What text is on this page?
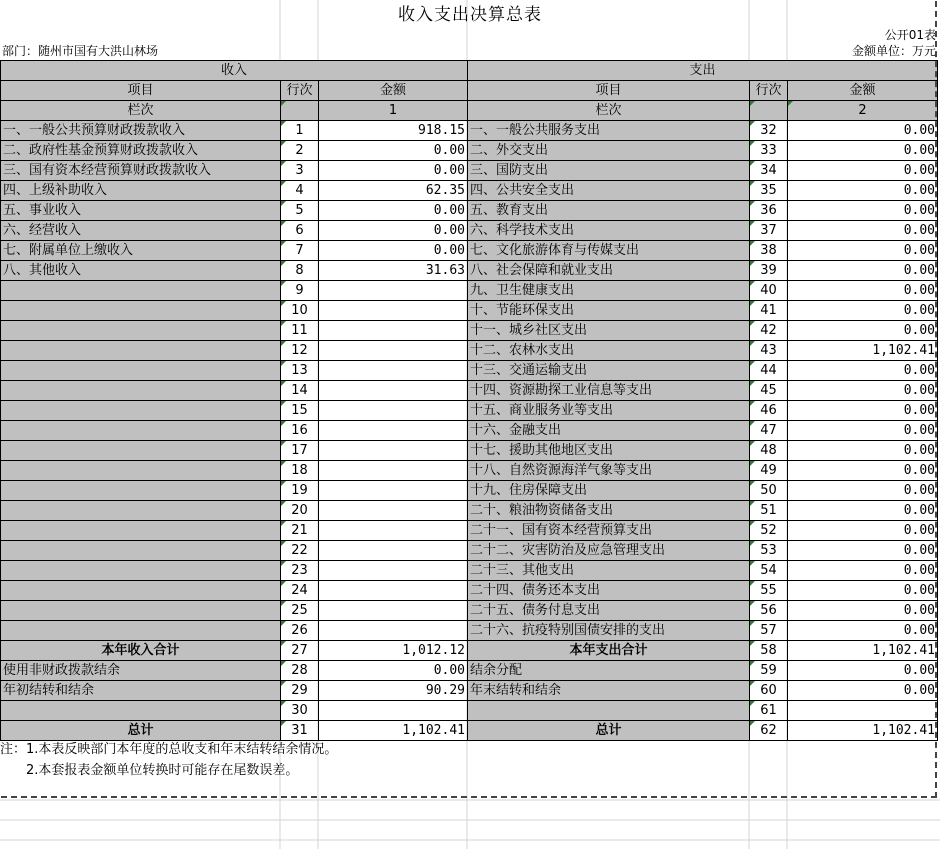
收入支出决算总表
公开01表
部门：随州市国有大洪山林场	金额单位：万元
收入			支出		
项目	行次	金额	项目	行次	金额
栏次		1	栏次		2
一、一般公共预算财政拨款收入	1	918.15	一、一般公共服务支出	32	0.00
二、政府性基金预算财政拨款收入	2	0.00	二、外交支出	33	0.00
三、国有资本经营预算财政拨款收入	3	0.00	三、国防支出	34	0.00
四、上级补助收入	4	62.35	四、公共安全支出	35	0.00
五、事业收入	5	0.00	五、教育支出	36	0.00
六、经营收入	6	0.00	六、科学技术支出	37	0.00
七、附属单位上缴收入	7	0.00	七、文化旅游体育与传媒支出	38	0.00
八、其他收入	8	31.63	八、社会保障和就业支出	39	0.00
	9		九、卫生健康支出	40	0.00
	10		十、节能环保支出	41	0.00
	11		十一、城乡社区支出	42	0.00
	12		十二、农林水支出	43	1,102.41
	13		十三、交通运输支出	44	0.00
	14		十四、资源勘探工业信息等支出	45	0.00
	15		十五、商业服务业等支出	46	0.00
	16		十六、金融支出	47	0.00
	17		十七、援助其他地区支出	48	0.00
	18		十八、自然资源海洋气象等支出	49	0.00
	19		十九、住房保障支出	50	0.00
	20		二十、粮油物资储备支出	51	0.00
	21		二十一、国有资本经营预算支出	52	0.00
	22		二十二、灾害防治及应急管理支出	53	0.00
	23		二十三、其他支出	54	0.00
	24		二十四、债务还本支出	55	0.00
	25		二十五、债务付息支出	56	0.00
	26		二十六、抗疫特别国债安排的支出	57	0.00
本年收入合计	27	1,012.12	本年支出合计	58	1,102.41
使用非财政拨款结余	28	0.00	结余分配	59	0.00
年初结转和结余	29	90.29	年末结转和结余	60	0.00
	30			61	
总计	31	1,102.41	总计	62	1,102.41
注：1.本表反映部门本年度的总收支和年末结转结余情况。
　　2.本套报表金额单位转换时可能存在尾数误差。
